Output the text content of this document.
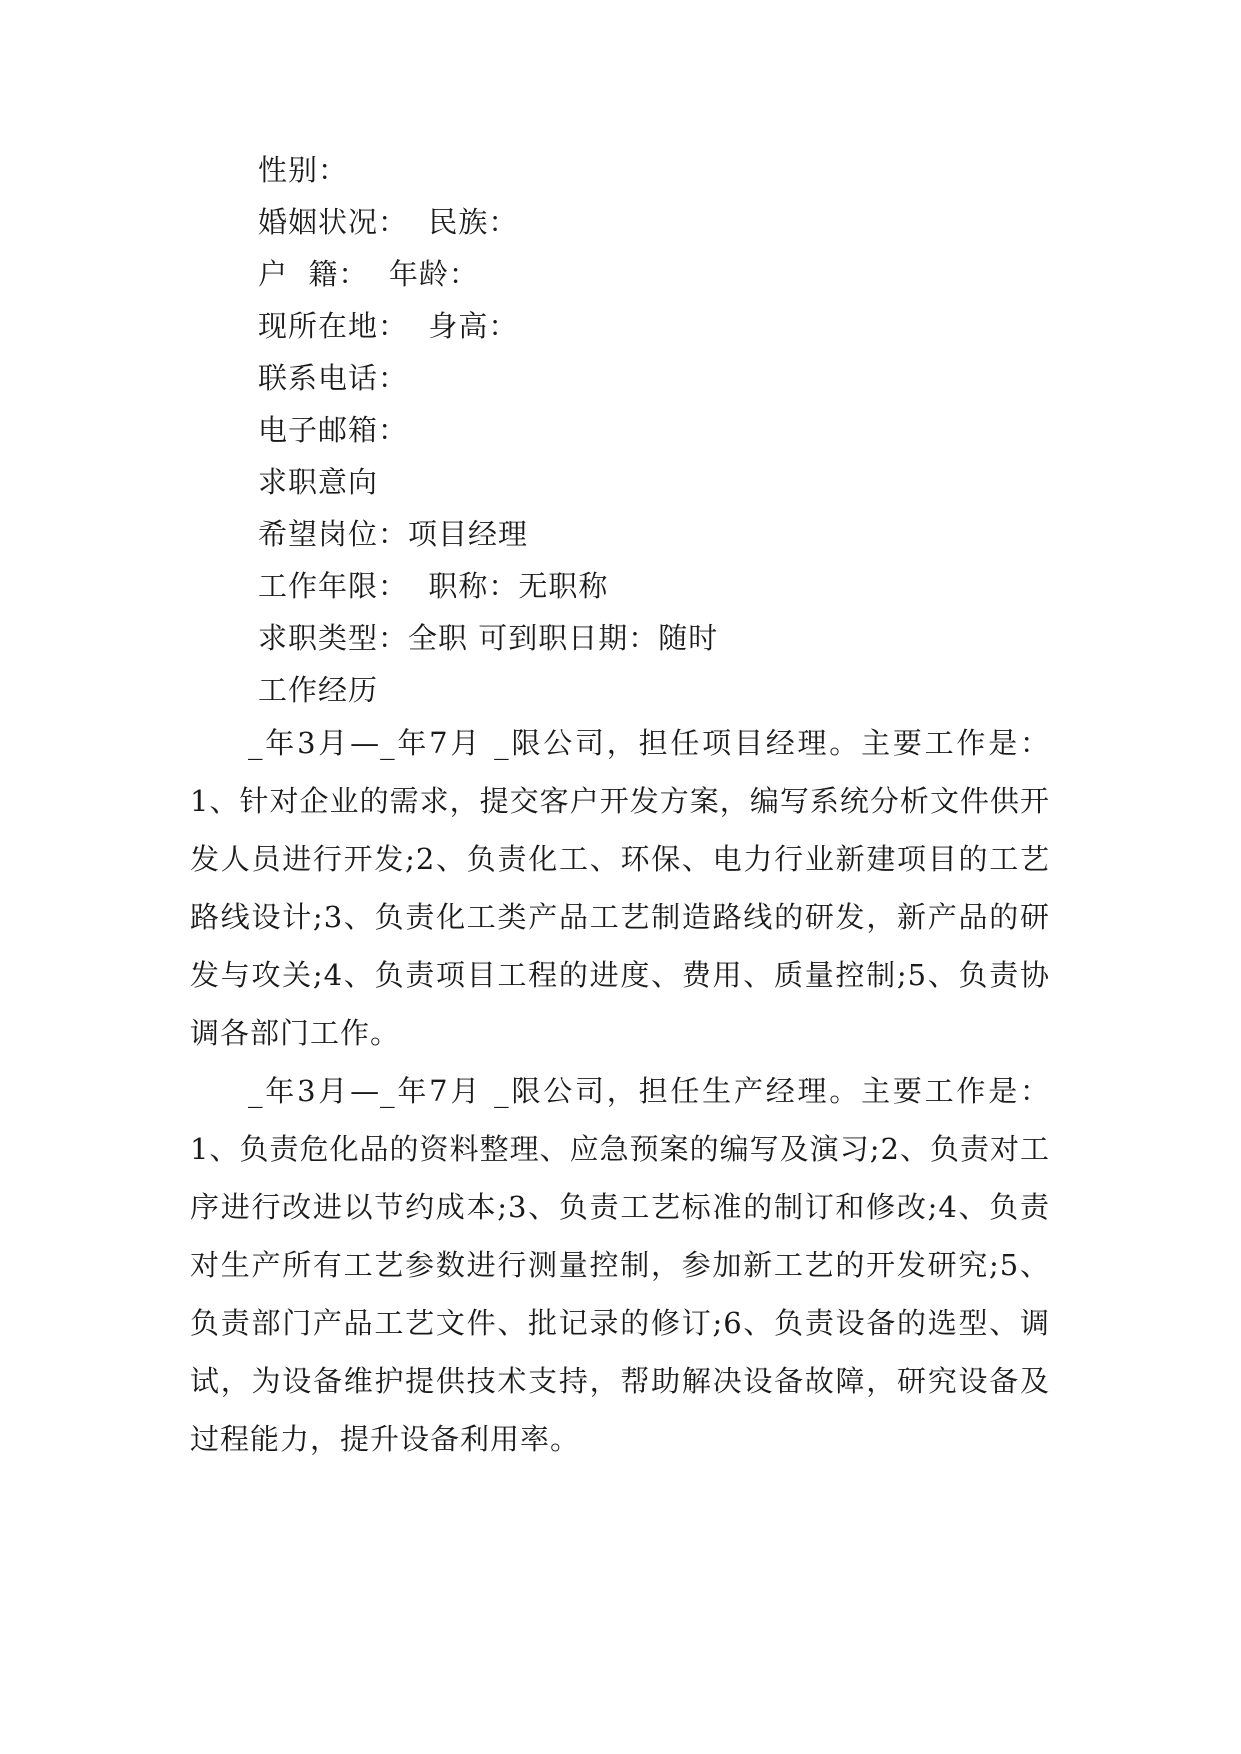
性别：
婚姻状况：  民族：
户  籍：  年龄：
现所在地：  身高：
联系电话：
电子邮箱：
求职意向
希望岗位：项目经理
工作年限：  职称：无职称
求职类型：全职 可到职日期：随时
工作经历

_年3月—_年7月 _限公司，担任项目经理。主要工作是：1、针对企业的需求，提交客户开发方案，编写系统分析文件供开发人员进行开发;2、负责化工、环保、电力行业新建项目的工艺路线设计;3、负责化工类产品工艺制造路线的研发，新产品的研发与攻关;4、负责项目工程的进度、费用、质量控制;5、负责协调各部门工作。

_年3月—_年7月 _限公司，担任生产经理。主要工作是：1、负责危化品的资料整理、应急预案的编写及演习;2、负责对工序进行改进以节约成本;3、负责工艺标准的制订和修改;4、负责对生产所有工艺参数进行测量控制，参加新工艺的开发研究;5、负责部门产品工艺文件、批记录的修订;6、负责设备的选型、调试，为设备维护提供技术支持，帮助解决设备故障，研究设备及过程能力，提升设备利用率。
